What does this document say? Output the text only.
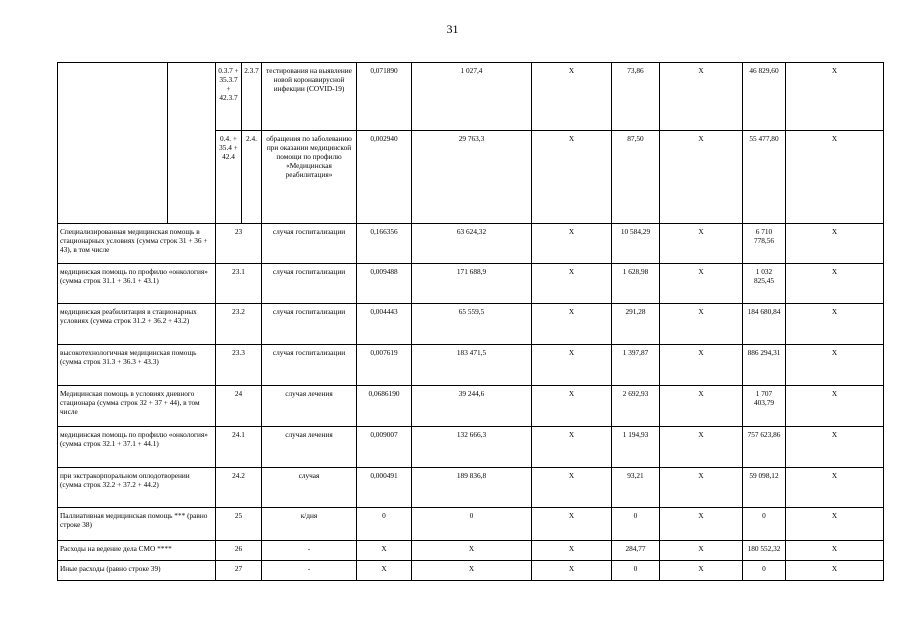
31
		0.3.7 + 35.3.7 + 42.3.7	2.3.7	тестирования на выявление новой коронавирусной инфекции (COVID-19)	0,071890	1 027,4	X	73,86	X	46 829,60	X
		0.4. + 35.4 + 42.4	2.4.	обращения по заболеванию при оказании медицинской помощи по профилю «Медицинская реабилитация»	0,002940	29 763,3	X	87,50	X	55 477,80	X
Специализированная медицинская помощь в стационарных условиях (сумма строк 31 + 36 + 43), в том числе		23		случая госпитализации	0,166356	63 624,32	X	10 584,29	X	6 710 778,56	X
медицинская помощь по профилю «онкология» (сумма строк 31.1 + 36.1 + 43.1)		23.1		случая госпитализации	0,009488	171 688,9	X	1 628,98	X	1 032 825,45	X
медицинская реабилитация в стационарных условиях (сумма строк 31.2 + 36.2 + 43.2)		23.2		случая госпитализации	0,004443	65 559,5	X	291,28	X	184 680,84	X
высокотехнологичная медицинская помощь (сумма строк 31.3 + 36.3 + 43.3)		23.3		случая госпитализации	0,007619	183 471,5	X	1 397,87	X	886 294,31	X
Медицинская помощь в условиях дневного стационара (сумма строк 32 + 37 + 44), в том числе		24		случая лечения	0,0686190	39 244,6	X	2 692,93	X	1 707 403,79	X
медицинская помощь по профилю «онкология» (сумма строк 32.1 + 37.1 + 44.1)		24.1		случая лечения	0,009007	132 666,3	X	1 194,93	X	757 623,86	X
при экстракорпоральном оплодотворении (сумма строк 32.2 + 37.2 + 44.2)		24.2		случая	0,000491	189 836,8	X	93,21	X	59 098,12	X
Паллиативная медицинская помощь *** (равно строке 38)		25		к/дня	0	0	X	0	X	0	X
Расходы на ведение дела СМО ****		26		-	X	X	X	284,77	X	180 552,32	X
Иные расходы (равно строке 39)		27		-	X	X	X	0	X	0	X
